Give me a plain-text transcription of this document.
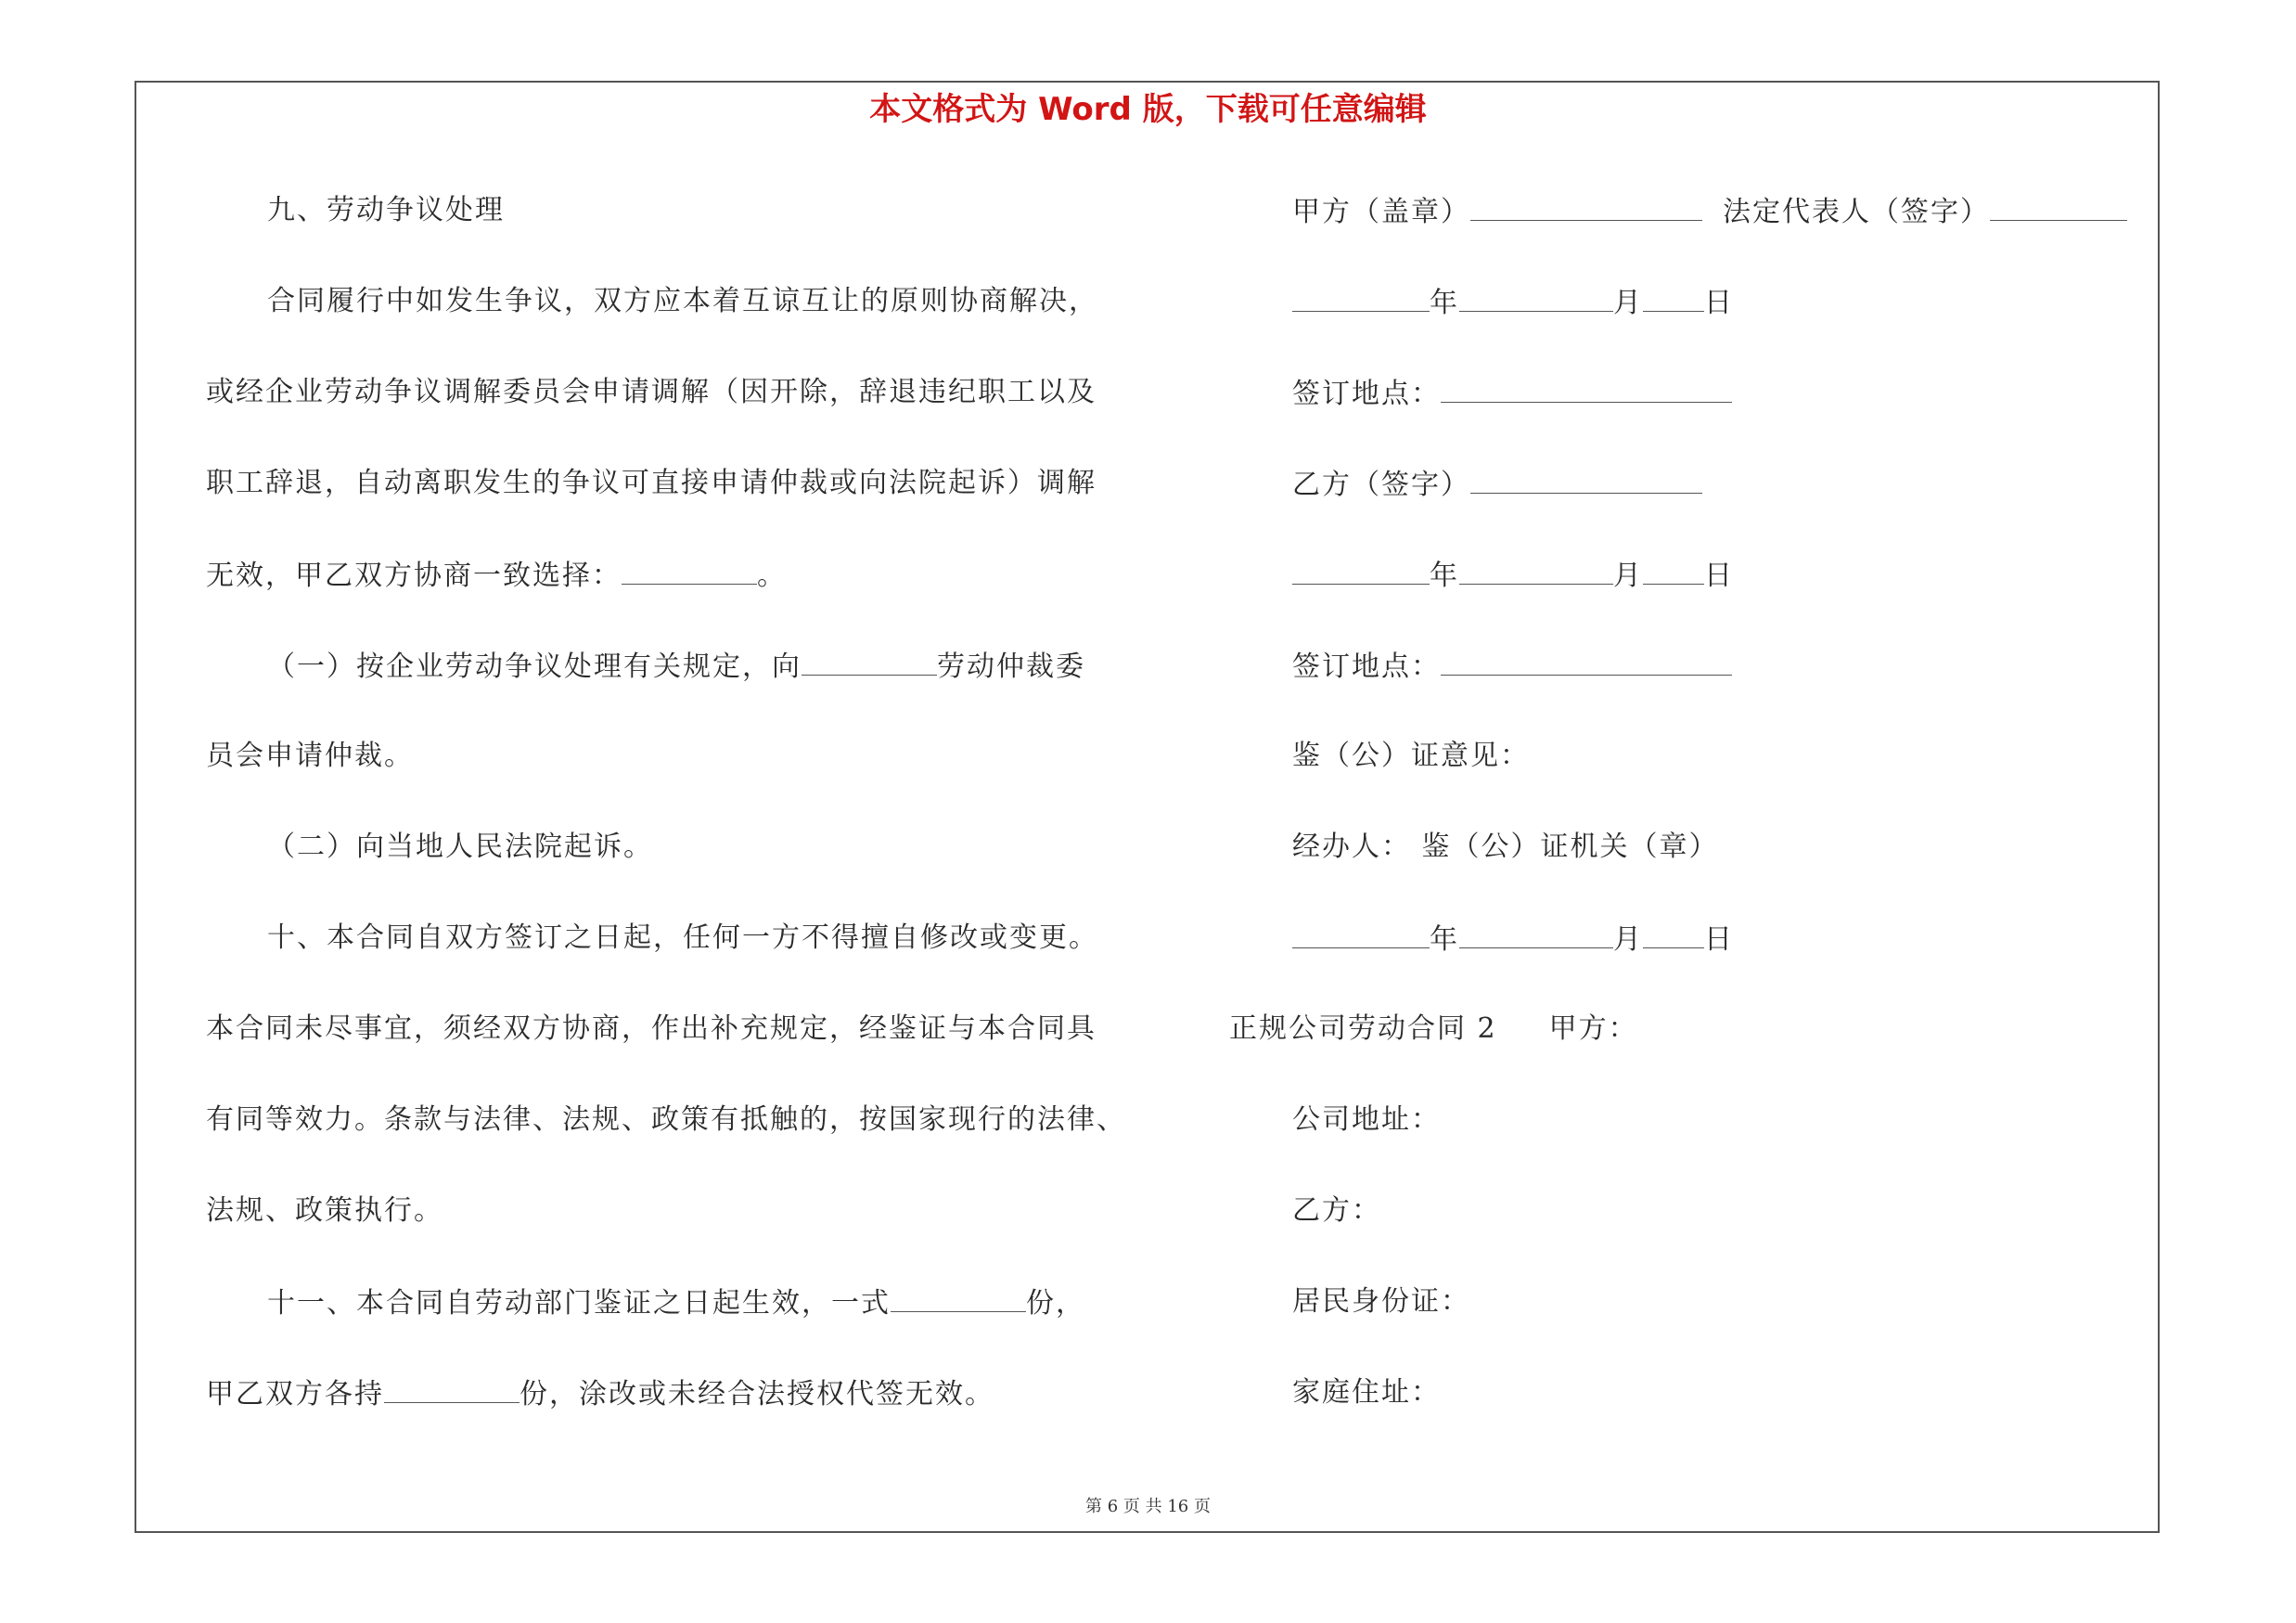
本文格式为 Word 版，下载可任意编辑
九、劳动争议处理
合同履行中如发生争议，双方应本着互谅互让的原则协商解决，
或经企业劳动争议调解委员会申请调解（因开除，辞退违纪职工以及
职工辞退，自动离职发生的争议可直接申请仲裁或向法院起诉）调解
无效，甲乙双方协商一致选择：	。
（一）按企业劳动争议处理有关规定，向	劳动仲裁委
员会申请仲裁。
（二）向当地人民法院起诉。
十、本合同自双方签订之日起，任何一方不得擅自修改或变更。
本合同未尽事宜，须经双方协商，作出补充规定，经鉴证与本合同具
有同等效力。条款与法律、法规、政策有抵触的，按国家现行的法律、
法规、政策执行。
十一、本合同自劳动部门鉴证之日起生效，一式	份，
甲乙双方各持	份，涂改或未经合法授权代签无效。
甲方（盖章）	法定代表人（签字）
年	月 日
签订地点：
乙方（签字）
年	月 日
签订地点：
鉴（公）证意见：
经办人： 鉴（公）证机关（章）
年	月 日
正规公司劳动合同 2 甲方：
公司地址：
乙方：
居民身份证：
家庭住址：
第 6 页 共 16 页
